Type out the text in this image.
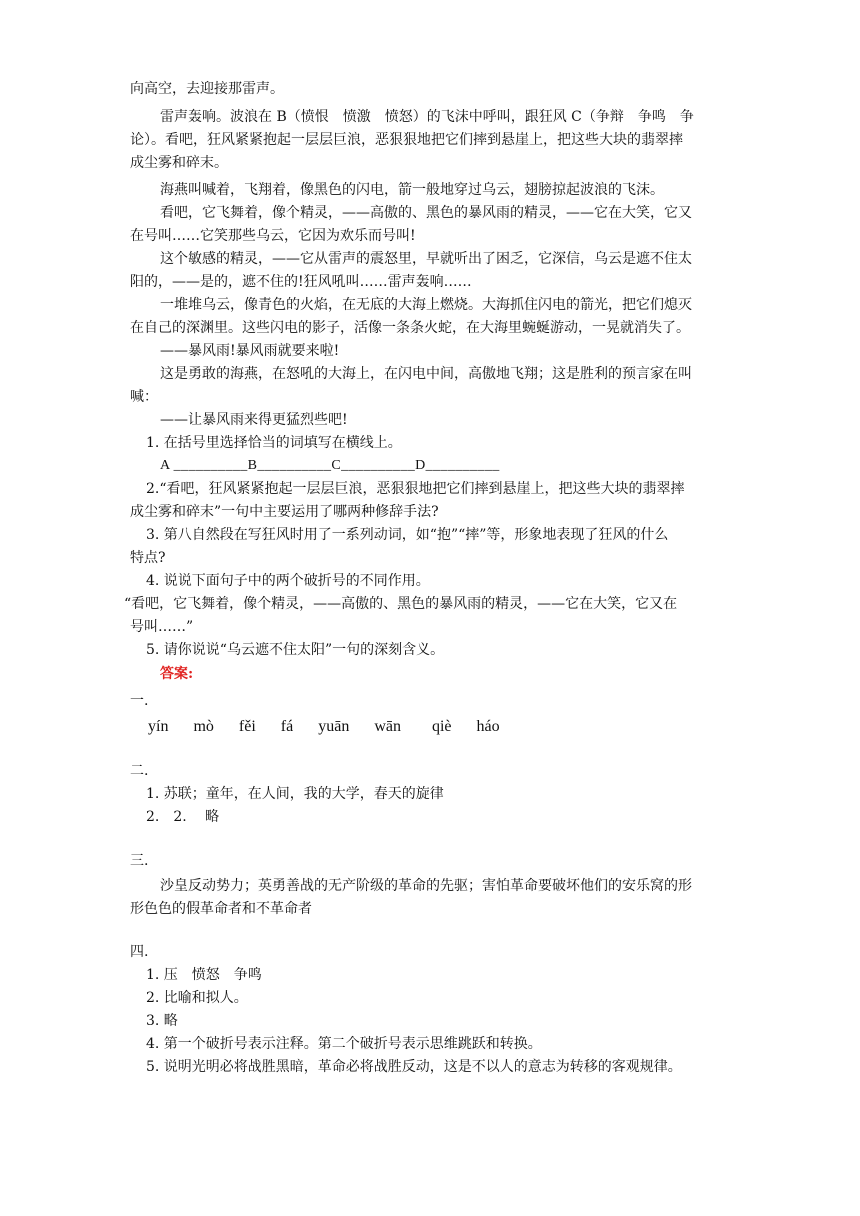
向高空，去迎接那雷声。
雷声轰响。波浪在 B（愤恨　愤激　愤怒）的飞沫中呼叫，跟狂风 C（争辩　争鸣　争
论）。看吧，狂风紧紧抱起一层层巨浪，恶狠狠地把它们摔到悬崖上，把这些大块的翡翠摔
成尘雾和碎末。
海燕叫喊着，飞翔着，像黑色的闪电，箭一般地穿过乌云，翅膀掠起波浪的飞沫。
看吧，它飞舞着，像个精灵，——高傲的、黑色的暴风雨的精灵，——它在大笑，它又
在号叫……它笑那些乌云，它因为欢乐而号叫!
这个敏感的精灵，——它从雷声的震怒里，早就听出了困乏，它深信，乌云是遮不住太
阳的，——是的，遮不住的!狂风吼叫……雷声轰响……
一堆堆乌云，像青色的火焰，在无底的大海上燃烧。大海抓住闪电的箭光，把它们熄灭
在自己的深渊里。这些闪电的影子，活像一条条火蛇，在大海里蜿蜒游动，一晃就消失了。
——暴风雨!暴风雨就要来啦!
这是勇敢的海燕，在怒吼的大海上，在闪电中间，高傲地飞翔；这是胜利的预言家在叫
喊：
——让暴风雨来得更猛烈些吧!
1. 在括号里选择恰当的词填写在横线上。
A __________B__________C__________D__________
2.“看吧，狂风紧紧抱起一层层巨浪，恶狠狠地把它们摔到悬崖上，把这些大块的翡翠摔
成尘雾和碎末”一句中主要运用了哪两种修辞手法?
3. 第八自然段在写狂风时用了一系列动词，如“抱”“摔”等，形象地表现了狂风的什么
特点?
4. 说说下面句子中的两个破折号的不同作用。
“看吧，它飞舞着，像个精灵，——高傲的、黑色的暴风雨的精灵，——它在大笑，它又在
号叫……”
5. 请你说说“乌云遮不住太阳”一句的深刻含义。
答案:
一.
yín mò fěi fá yuān wān qiè háo
二.
1. 苏联；童年，在人间，我的大学，春天的旋律
2.　2.　 略
三.
沙皇反动势力；英勇善战的无产阶级的革命的先驱；害怕革命要破坏他们的安乐窝的形
形色色的假革命者和不革命者
四.
1. 压　愤怒　争鸣
2. 比喻和拟人。
3. 略
4. 第一个破折号表示注释。第二个破折号表示思维跳跃和转换。
5. 说明光明必将战胜黑暗，革命必将战胜反动，这是不以人的意志为转移的客观规律。
